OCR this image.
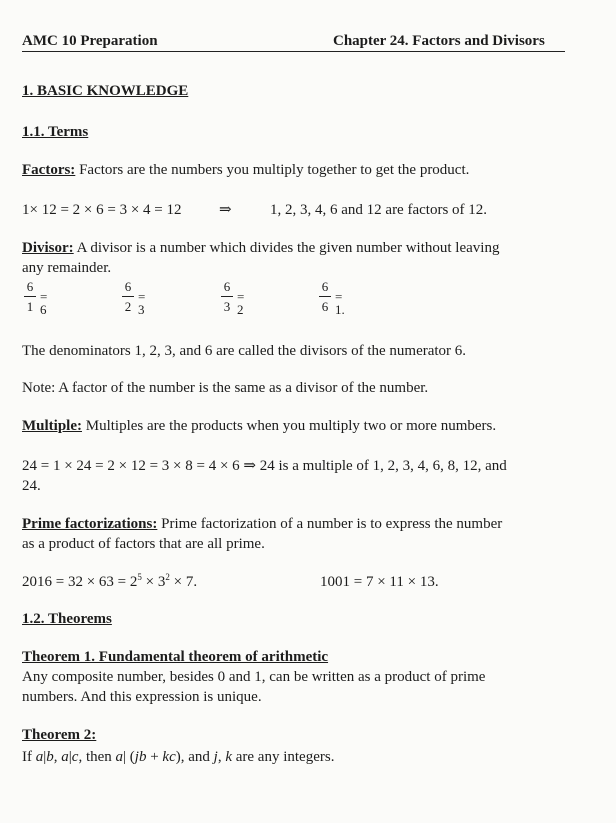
AMC 10 Preparation	Chapter 24. Factors and Divisors
1. BASIC KNOWLEDGE
1.1. Terms
Factors: Factors are the numbers you multiply together to get the product.
1× 12 = 2 × 6 = 3 × 4 = 12 ⇒	1, 2, 3, 4, 6 and 12 are factors of 12.
Divisor: A divisor is a number which divides the given number without leaving
any remainder.
6
1
= 6
6
2
= 3
6
3
= 2
6
6
= 1.
The denominators 1, 2, 3, and 6 are called the divisors of the numerator 6.
Note: A factor of the number is the same as a divisor of the number.
Multiple: Multiples are the products when you multiply two or more numbers.
24 = 1 × 24 = 2 × 12 = 3 × 8 = 4 × 6 ⇒ 24 is a multiple of 1, 2, 3, 4, 6, 8, 12, and
24.
Prime factorizations: Prime factorization of a number is to express the number
as a product of factors that are all prime.
$2016 = 32 \times 63 = 2^5 \times 3^2 \times 7$.	1001 = 7 × 11 × 13.
1.2. Theorems
Theorem 1. Fundamental theorem of arithmetic
Any composite number, besides 0 and 1, can be written as a product of prime
numbers. And this expression is unique.
Theorem 2:
If a|b, a|c, then a| (jb + kc), and j, k are any integers.
